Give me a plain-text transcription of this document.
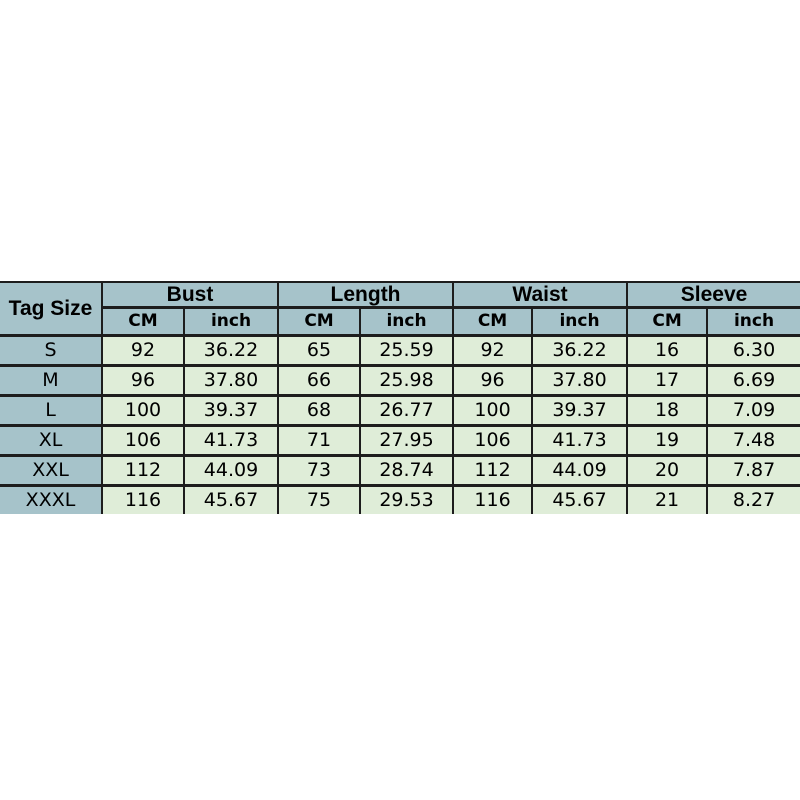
Tag Size	Bust		Length		Waist		Sleeve	
	CM	inch	CM	inch	CM	inch	CM	inch
S	92	36.22	65	25.59	92	36.22	16	6.30
M	96	37.80	66	25.98	96	37.80	17	6.69
L	100	39.37	68	26.77	100	39.37	18	7.09
XL	106	41.73	71	27.95	106	41.73	19	7.48
XXL	112	44.09	73	28.74	112	44.09	20	7.87
XXXL	116	45.67	75	29.53	116	45.67	21	8.27
